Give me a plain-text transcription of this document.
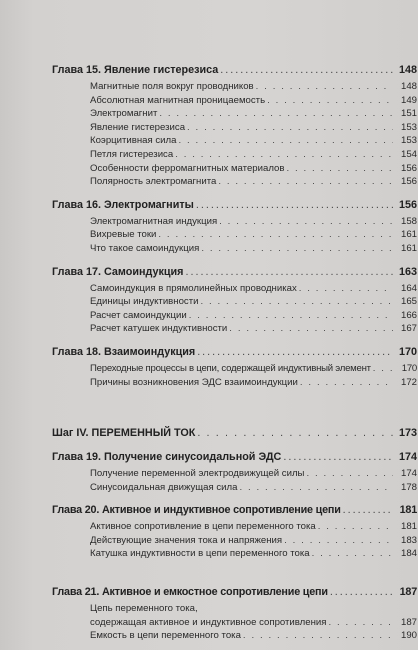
Глава 15. Явление гистерезиса . . .	148
Магнитные поля вокруг проводников . . .	148
Абсолютная магнитная проницаемость . . .	149
Электромагнит . . .	151
Явление гистерезиса . . .	153
Коэрцитивная сила . . .	153
Петля гистерезиса . . .	154
Особенности ферромагнитных материалов . . .	156
Полярность электромагнита . . .	156
Глава 16. Электромагниты . . .	156
Электромагнитная индукция . . .	158
Вихревые токи . . .	161
Что такое самоиндукция . . .	161
Глава 17. Самоиндукция . . .	163
Самоиндукция в прямолинейных проводниках . . .	164
Единицы индуктивности . . .	165
Расчет самоиндукции . . .	166
Расчет катушек индуктивности . . .	167
Глава 18. Взаимоиндукция . . .	170
Переходные процессы в цепи, содержащей индуктивный элемент . . .	170
Причины возникновения ЭДС взаимоиндукции . . .	172
Шаг IV. ПЕРЕМЕННЫЙ ТОК . . .	173
Глава 19. Получение синусоидальной ЭДС . . .	174
Получение переменной электродвижущей силы . . .	174
Синусоидальная движущая сила . . .	178
Глава 20. Активное и индуктивное сопротивление цепи . . .	181
Активное сопротивление в цепи переменного тока . . .	181
Действующие значения тока и напряжения . . .	183
Катушка индуктивности в цепи переменного тока . . .	184
Глава 21. Активное и емкостное сопротивление цепи . . .	187
Цепь переменного тока,
содержащая активное и индуктивное сопротивления . . .	187
Емкость в цепи переменного тока . . .	190
